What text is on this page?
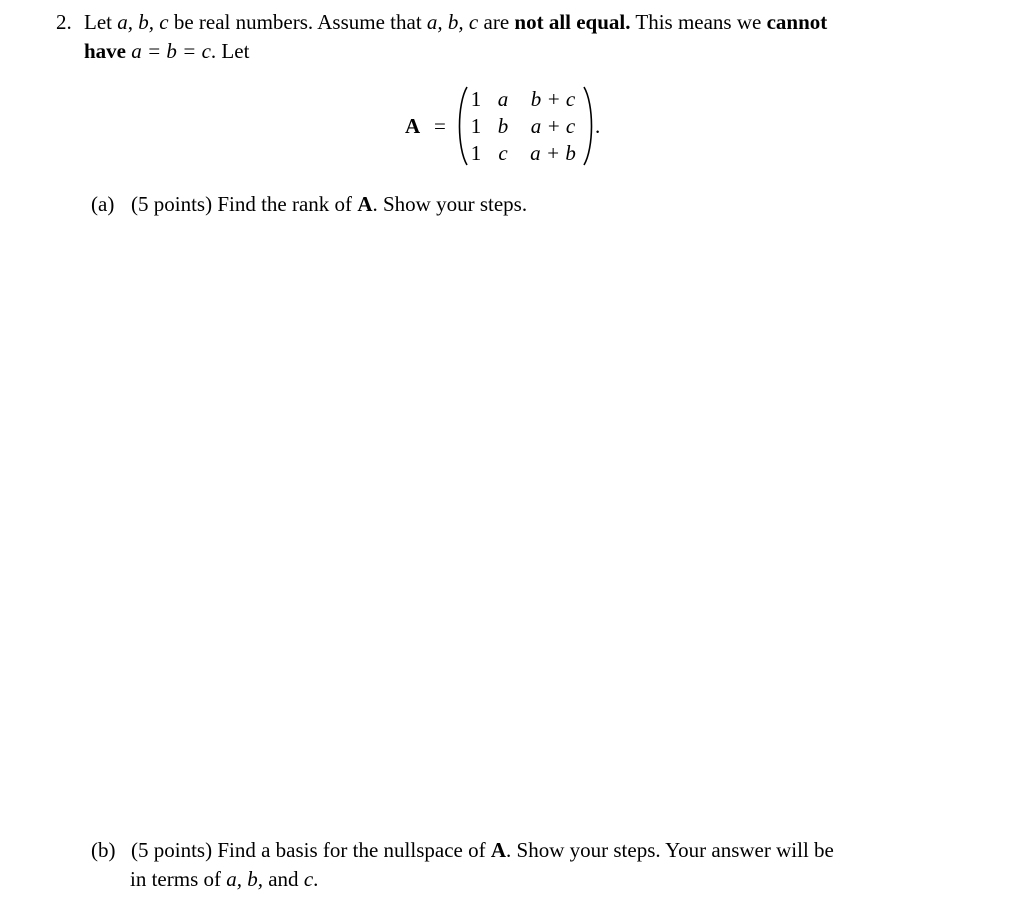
2. Let a, b, c be real numbers. Assume that a, b, c are not all equal. This means we cannot
have a = b = c. Let
A =
1 a	b + c
1 b	a + c
1 c	a + b
.
(a) (5 points) Find the rank of A. Show your steps.
(b) (5 points) Find a basis for the nullspace of A. Show your steps. Your answer will be
in terms of a, b, and c.
